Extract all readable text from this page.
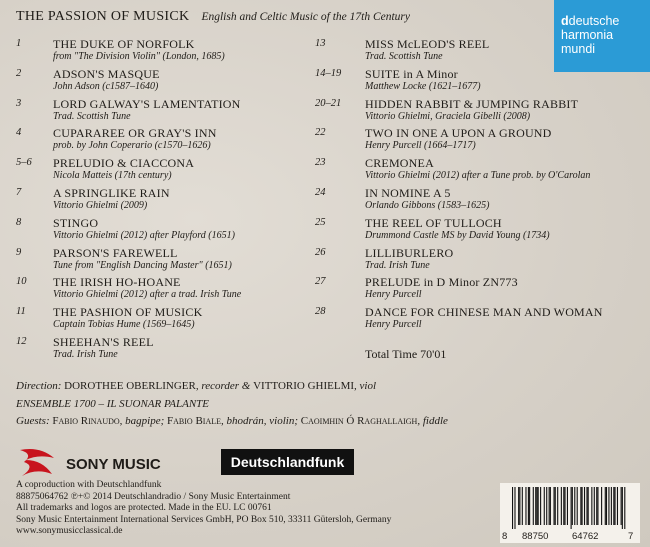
THE PASSION OF MUSICK English and Celtic Music of the 17th Century	ddeutsche
harmonia
mundi
1	THE DUKE OF NORFOLK
from "The Division Violin" (London, 1685)
2	ADSON'S MASQUE
John Adson (c1587–1640)
3	LORD GALWAY'S LAMENTATION
Trad. Scottish Tune
4	CUPARAREE OR GRAY'S INN
prob. by John Coperario (c1570–1626)
5–6 PRELUDIO & CIACCONA
Nicola Matteis (17th century)
7	A SPRINGLIKE RAIN
Vittorio Ghielmi (2009)
8	STINGO
Vittorio Ghielmi (2012) after Playford (1651)
9	PARSON'S FAREWELL
Tune from "English Dancing Master" (1651)
10 THE IRISH HO-HOANE
Vittorio Ghielmi (2012) after a trad. Irish Tune
11 THE PASHION OF MUSICK
Captain Tobias Hume (1569–1645)
12 SHEEHAN'S REEL
Trad. Irish Tune
13	MISS McLEOD'S REEL
Trad. Scottish Tune
14–19 SUITE in A Minor
Matthew Locke (1621–1677)
20–21 HIDDEN RABBIT & JUMPING RABBIT
Vittorio Ghielmi, Graciela Gibelli (2008)
22	TWO IN ONE A UPON A GROUND
Henry Purcell (1664–1717)
23	CREMONEA
Vittorio Ghielmi (2012) after a Tune prob. by O'Carolan
24	IN NOMINE A 5
Orlando Gibbons (1583–1625)
25	THE REEL OF TULLOCH
Drummond Castle MS by David Young (1734)
26	LILLIBURLERO
Trad. Irish Tune
27	PRELUDE in D Minor ZN773
Henry Purcell
28	DANCE FOR CHINESE MAN AND WOMAN
Henry Purcell
Total Time 70'01
Direction: DOROTHEE OBERLINGER, recorder & VITTORIO GHIELMI, viol
ENSEMBLE 1700 – IL SUONAR PALANTE
Guests: Fabio Rinaudo, bagpipe; Fabio Biale, bhodrán, violin; Caoimhin Ó Raghallaigh, fiddle
SONY MUSIC	Deutschlandfunk
A coproduction with Deutschlandfunk
88875064762 ℗+© 2014 Deutschlandradio / Sony Music Entertainment
All trademarks and logos are protected. Made in the EU. LC 00761
Sony Music Entertainment International Services GmbH, PO Box 510, 33311 Gütersloh, Germany
www.sonymusicclassical.de	8 88750 64762	7
